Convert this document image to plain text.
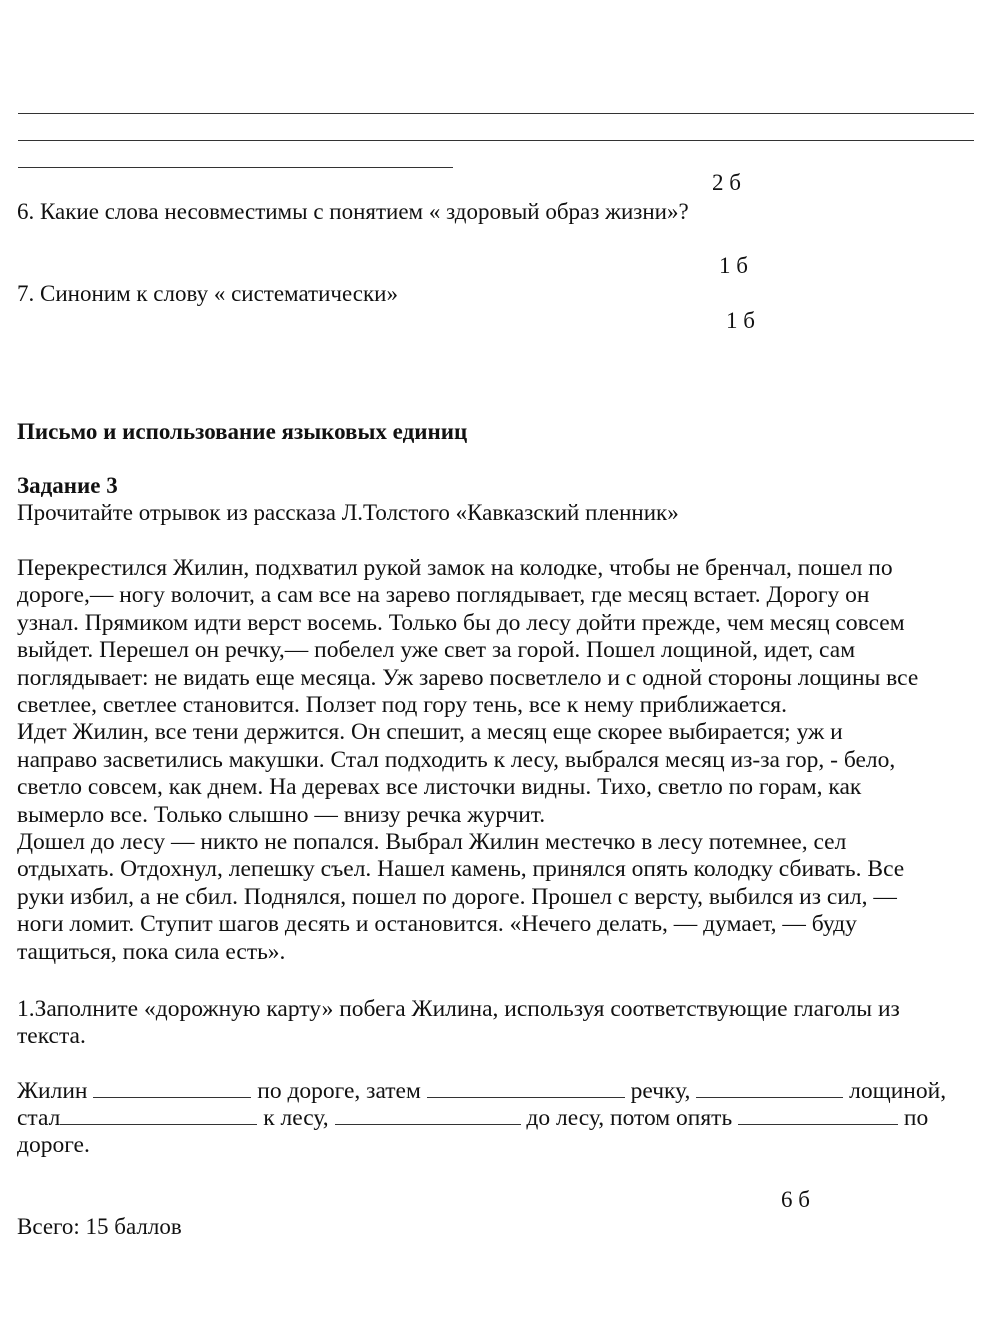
2 б
6. Какие слова несовместимы с понятием « здоровый образ жизни»?
1 б
7. Синоним к слову « систематически»
1 б
Письмо и использование языковых единиц
Задание 3
Прочитайте отрывок из рассказа Л.Толстого «Кавказский пленник»
Перекрестился Жилин, подхватил рукой замок на колодке, чтобы не бренчал, пошел по
дороге,— ногу волочит, а сам все на зарево поглядывает, где месяц встает. Дорогу он
узнал. Прямиком идти верст восемь. Только бы до лесу дойти прежде, чем месяц совсем
выйдет. Перешел он речку,— побелел уже свет за горой. Пошел лощиной, идет, сам
поглядывает: не видать еще месяца. Уж зарево посветлело и с одной стороны лощины все
светлее, светлее становится. Ползет под гору тень, все к нему приближается.
Идет Жилин, все тени держится. Он спешит, а месяц еще скорее выбирается; уж и
направо засветились макушки. Стал подходить к лесу, выбрался месяц из-за гор, - бело,
светло совсем, как днем. На деревах все листочки видны. Тихо, светло по горам, как
вымерло все. Только слышно — внизу речка журчит.
Дошел до лесу — никто не попался. Выбрал Жилин местечко в лесу потемнее, сел
отдыхать. Отдохнул, лепешку съел. Нашел камень, принялся опять колодку сбивать. Все
руки избил, а не сбил. Поднялся, пошел по дороге. Прошел с версту, выбился из сил, —
ноги ломит. Ступит шагов десять и остановится. «Нечего делать, — думает, — буду
тащиться, пока сила есть».
1.Заполните «дорожную карту» побега Жилина, используя соответствующие глаголы из
текста.
Жилин	по дороге, затем	речку,	лощиной,
стал	к лесу,	до лесу, потом опять	по
дороге.
6 б
Всего: 15 баллов
